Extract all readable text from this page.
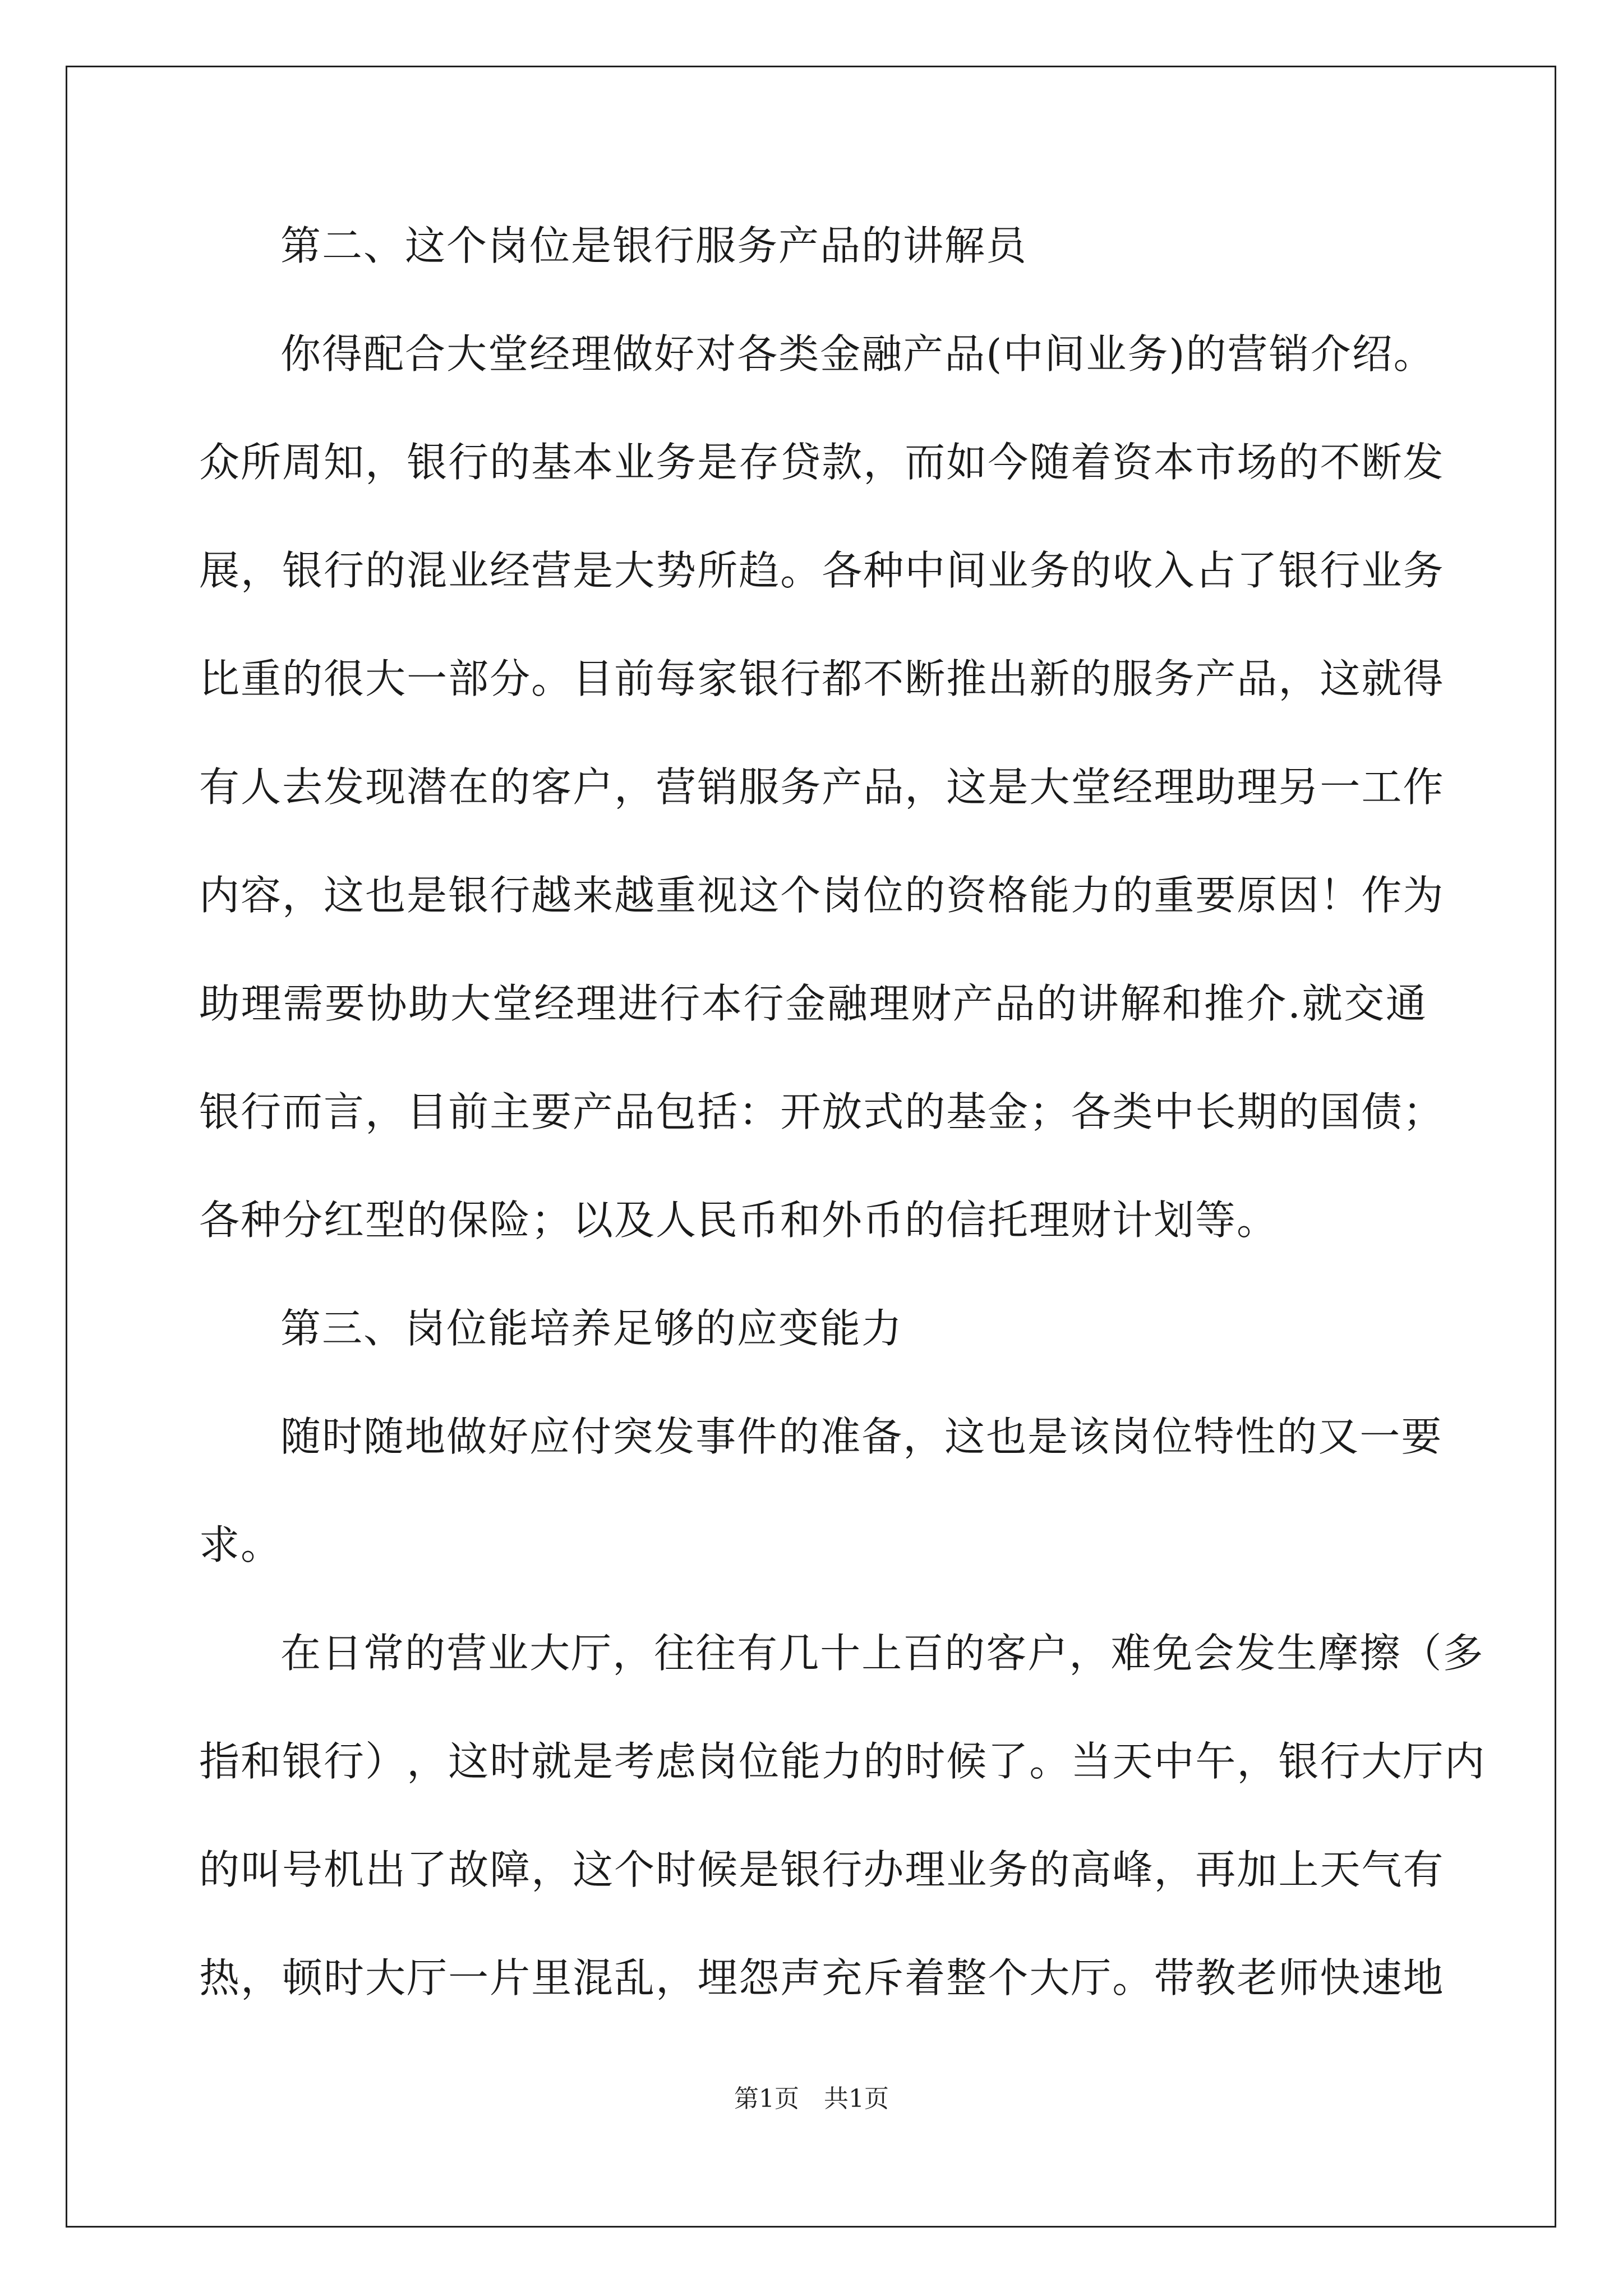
第二、这个岗位是银行服务产品的讲解员
你 得 配 合 大 堂 经 理 做 好 对 各 类 金 融 产 品 ( 中 间 业 务 ) 的 营 销 介 绍 。
众 所 周 知 ， 银 行 的 基 本 业 务 是 存 贷 款 ， 而 如 今 随 着 资 本 市 场 的 不 断 发
展 ， 银 行 的 混 业 经 营 是 大 势 所 趋 。 各 种 中 间 业 务 的 收 入 占 了 银 行 业 务
比 重 的 很 大 一 部 分 。 目 前 每 家 银 行 都 不 断 推 出 新 的 服 务 产 品 ， 这 就 得
有 人 去 发 现 潜 在 的 客 户 ， 营 销 服 务 产 品 ， 这 是 大 堂 经 理 助 理 另 一 工 作
内 容 ， 这 也 是 银 行 越 来 越 重 视 这 个 岗 位 的 资 格 能 力 的 重 要 原 因 ！ 作 为
助 理 需 要 协 助 大 堂 经 理 进 行 本 行 金 融 理 财 产 品 的 讲 解 和 推 介 . 就 交 通
银 行 而 言 ， 目 前 主 要 产 品 包 括 ： 开 放 式 的 基 金 ； 各 类 中 长 期 的 国 债 ；
各种分红型的保险；以及人民币和外币的信托理财计划等。
第三、岗位能培养足够的应变能力
随 时 随 地 做 好 应 付 突 发 事 件 的 准 备 ， 这 也 是 该 岗 位 特 性 的 又 一 要
求。
在 日 常 的 营 业 大 厅 ， 往 往 有 几 十 上 百 的 客 户 ， 难 免 会 发 生 摩 擦 （ 多
指 和 银 行 ） ， 这 时 就 是 考 虑 岗 位 能 力 的 时 候 了 。 当 天 中 午 ， 银 行 大 厅 内
的 叫 号 机 出 了 故 障 ， 这 个 时 候 是 银 行 办 理 业 务 的 高 峰 ， 再 加 上 天 气 有
热 ， 顿 时 大 厅 一 片 里 混 乱 ， 埋 怨 声 充 斥 着 整 个 大 厅 。 带 教 老 师 快 速 地
第1页　共1页
